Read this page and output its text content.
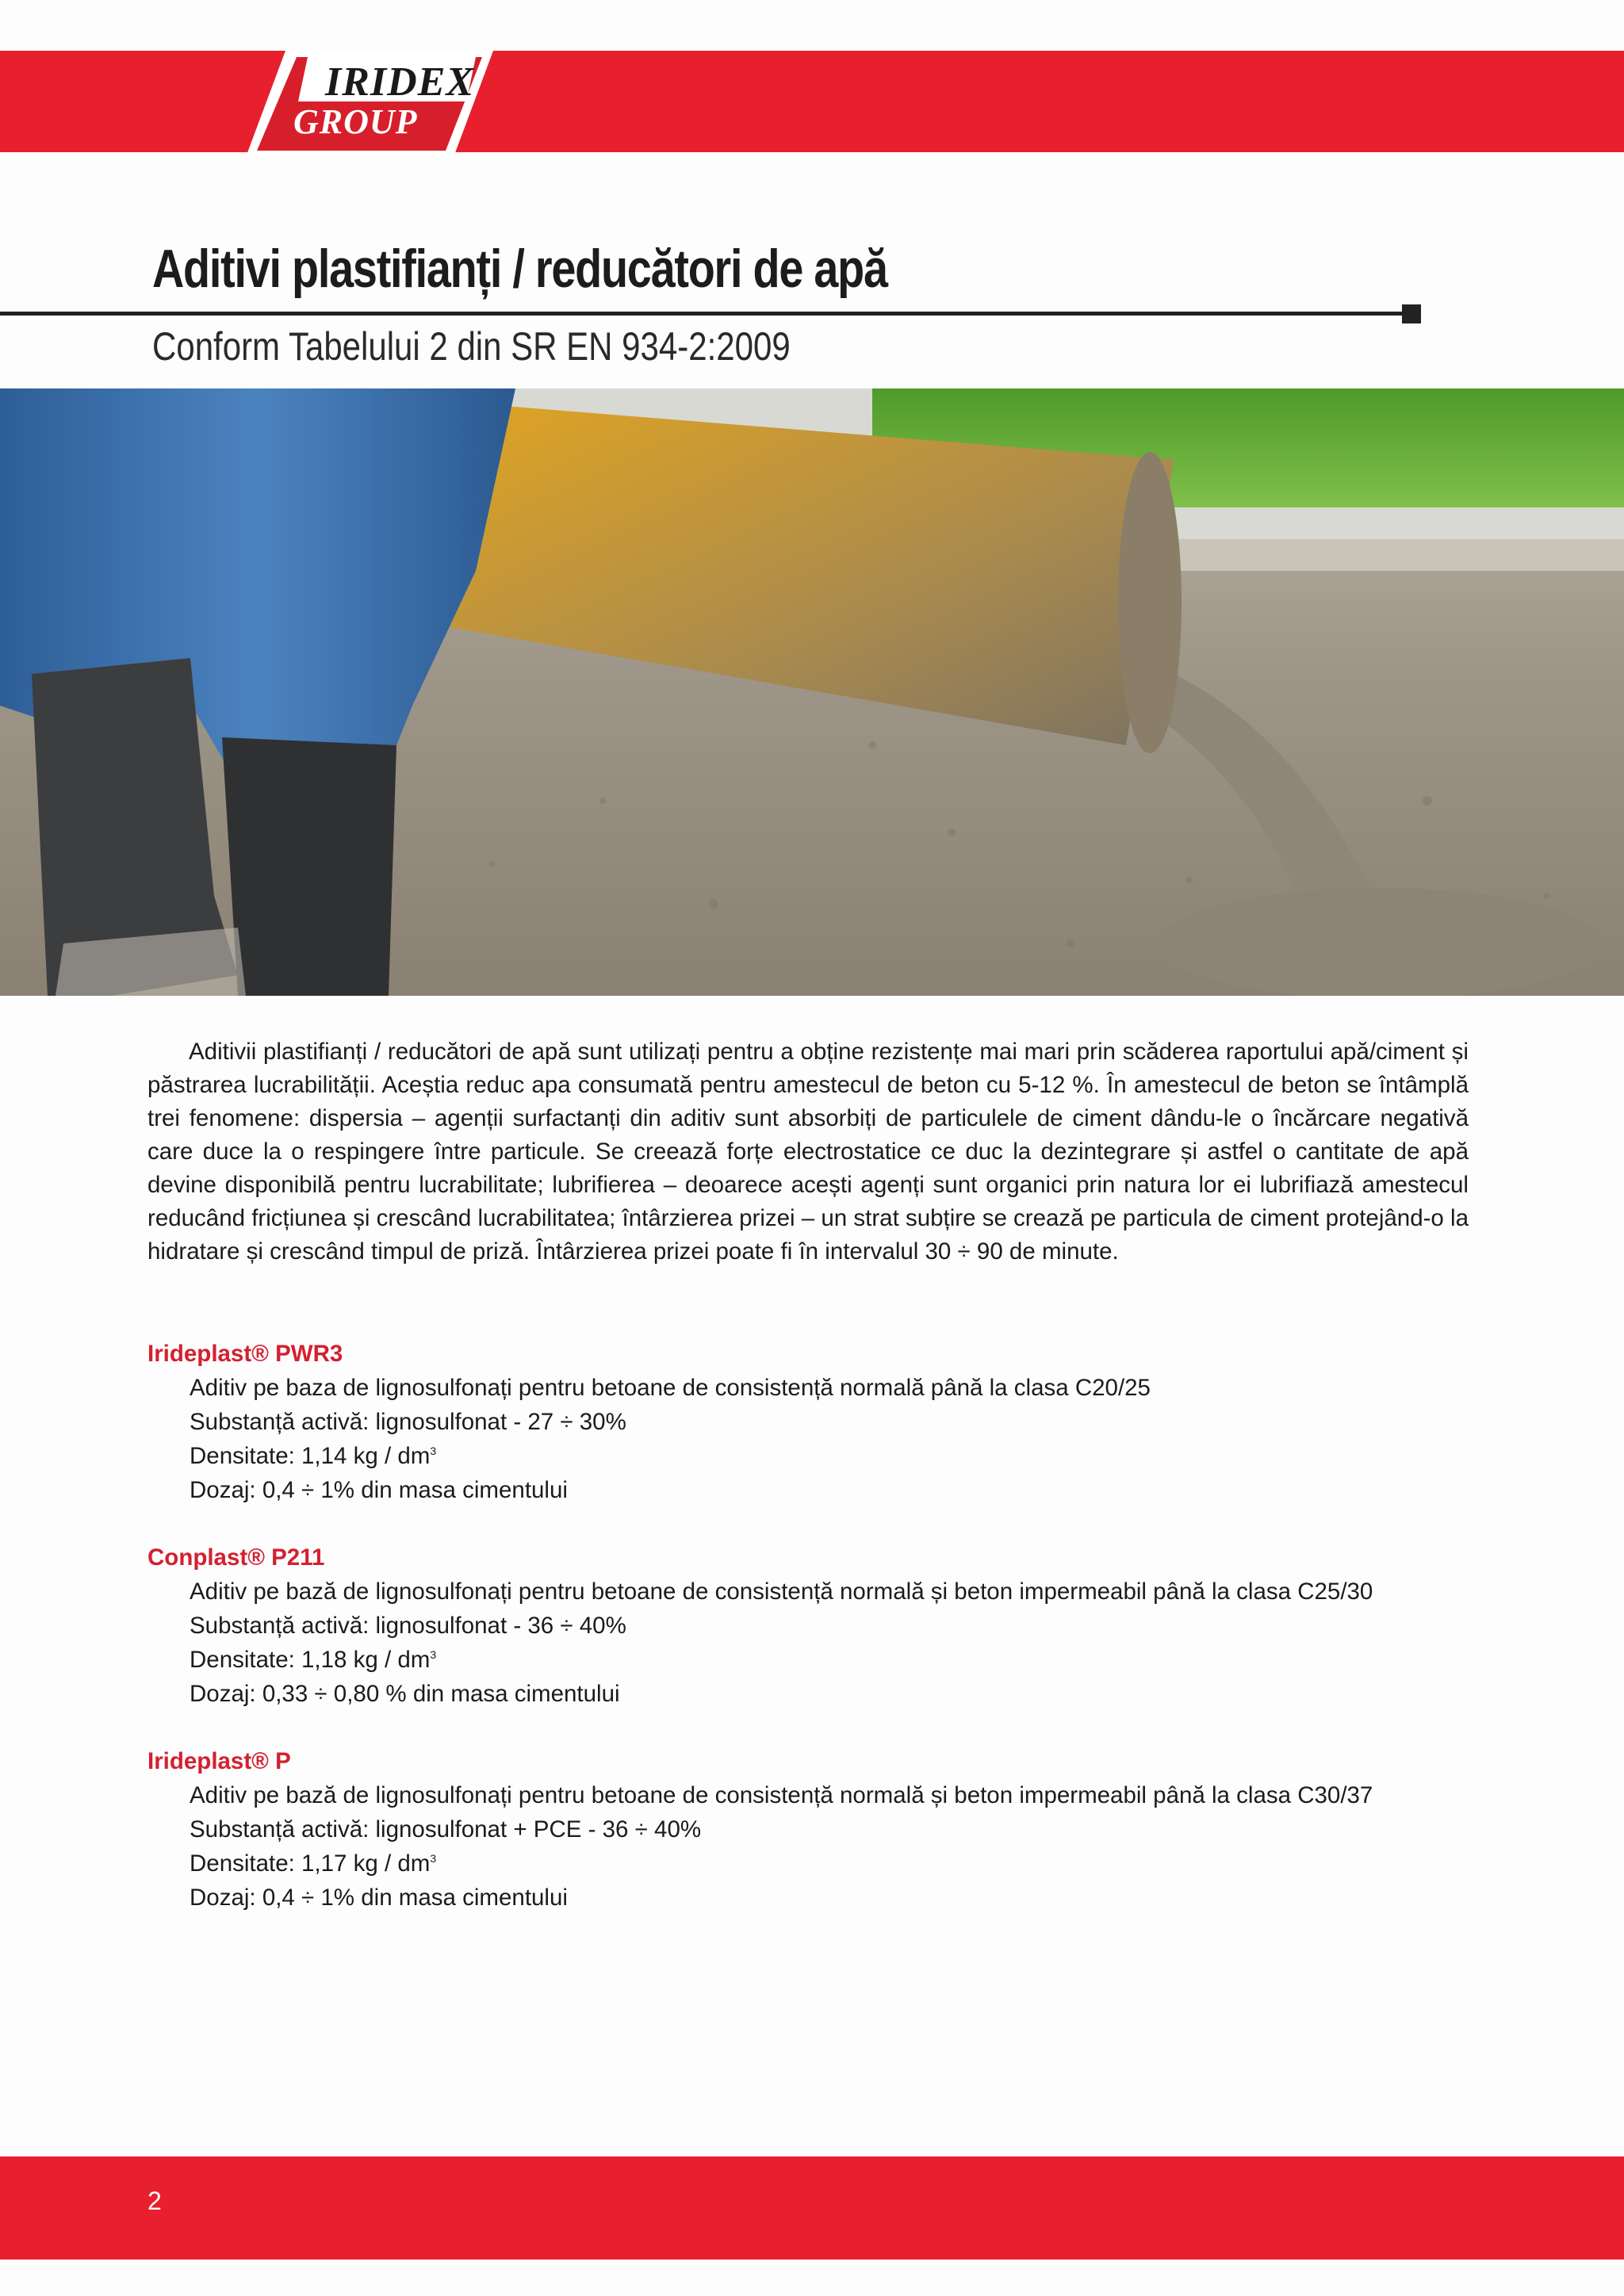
IRIDEX
GROUP
Aditivi plastifianți / reducători de apă
Conform Tabelului 2 din SR EN 934-2:2009
Aditivii plastifianți / reducători de apă sunt utilizați pentru a obține rezistențe mai mari prin scăderea raportului apă/ciment și păstrarea lucrabilității. Aceștia reduc apa consumată pentru amestecul de beton cu 5-12 %. În amestecul de beton se întâmplă trei fenomene: dispersia – agenții surfactanți din aditiv sunt absorbiți de particulele de ciment dându-le o încărcare negativă care duce la o respingere între particule. Se creează forțe electrostatice ce duc la dezintegrare și astfel o cantitate de apă devine disponibilă pentru lucrabilitate; lubrifierea – deoarece acești agenți sunt organici prin natura lor ei lubrifiază amestecul reducând fricțiunea și crescând lucrabilitatea; întârzierea prizei – un strat subțire se crează pe particula de ciment protejând-o la hidratare și crescând timpul de priză. Întârzierea prizei poate fi în intervalul 30 ÷ 90 de minute.
Irideplast® PWR3
Aditiv pe baza de lignosulfonați pentru betoane de consistență normală până la clasa C20/25
Substanță activă: lignosulfonat - 27 ÷ 30%
Densitate: 1,14 kg / $dm^3$
Dozaj: 0,4 ÷ 1% din masa cimentului
Conplast® P211
Aditiv pe bază de lignosulfonați pentru betoane de consistență normală și beton impermeabil până la clasa C25/30
Substanță activă: lignosulfonat - 36 ÷ 40%
Densitate: 1,18 kg / $dm^3$
Dozaj: 0,33 ÷ 0,80 % din masa cimentului
Irideplast® P
Aditiv pe bază de lignosulfonați pentru betoane de consistență normală și beton impermeabil până la clasa C30/37
Substanță activă: lignosulfonat + PCE - 36 ÷ 40%
Densitate: 1,17 kg / $dm^3$
Dozaj: 0,4 ÷ 1% din masa cimentului
2
